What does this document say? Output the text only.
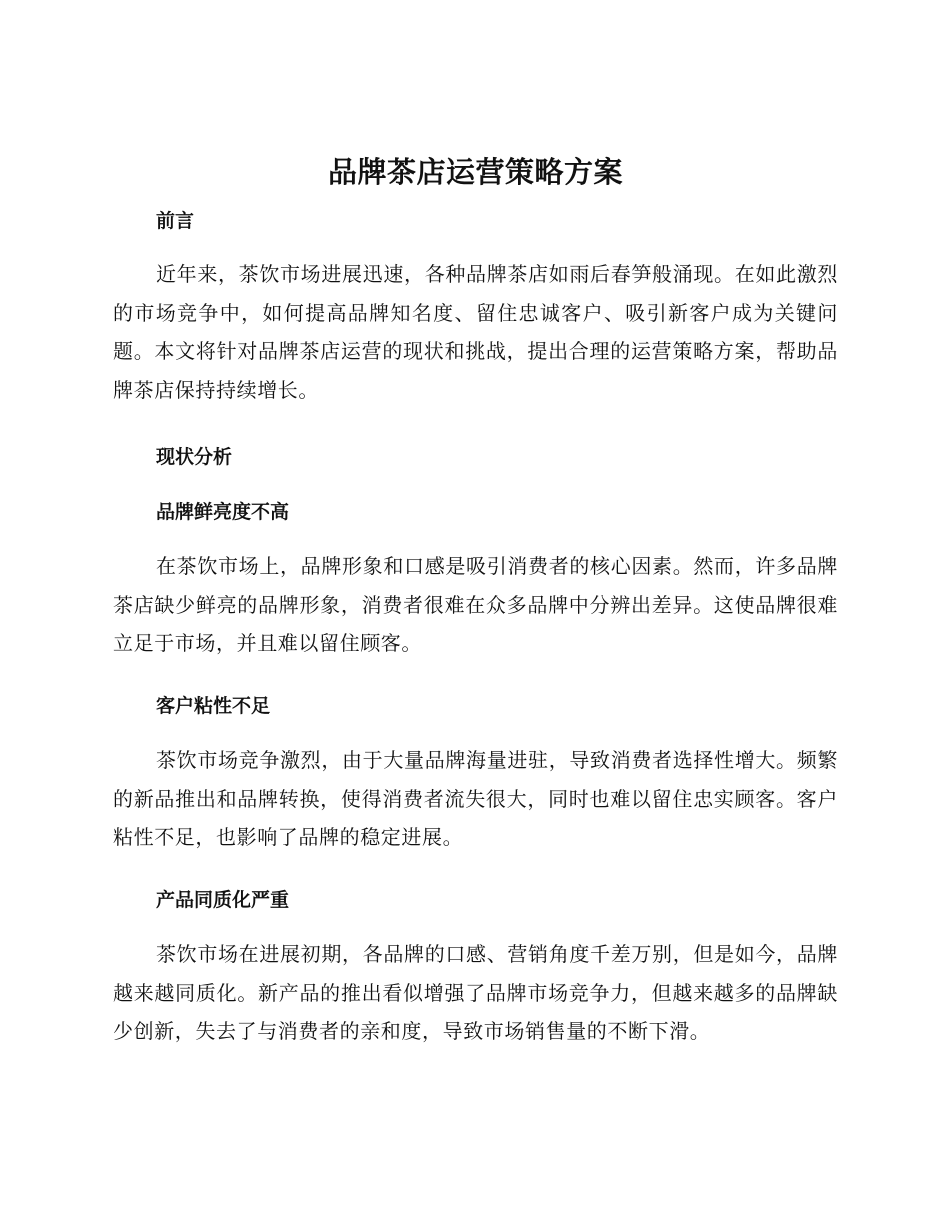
品牌茶店运营策略方案
前言

近年来，茶饮市场进展迅速，各种品牌茶店如雨后春笋般涌现。在如此激烈的市场竞争中，如何提高品牌知名度、留住忠诚客户、吸引新客户成为关键问题。本文将针对品牌茶店运营的现状和挑战，提出合理的运营策略方案，帮助品牌茶店保持持续增长。

现状分析
品牌鲜亮度不高

在茶饮市场上，品牌形象和口感是吸引消费者的核心因素。然而，许多品牌茶店缺少鲜亮的品牌形象，消费者很难在众多品牌中分辨出差异。这使品牌很难立足于市场，并且难以留住顾客。

客户粘性不足

茶饮市场竞争激烈，由于大量品牌海量进驻，导致消费者选择性增大。频繁的新品推出和品牌转换，使得消费者流失很大，同时也难以留住忠实顾客。客户粘性不足，也影响了品牌的稳定进展。

产品同质化严重

茶饮市场在进展初期，各品牌的口感、营销角度千差万别，但是如今，品牌越来越同质化。新产品的推出看似增强了品牌市场竞争力，但越来越多的品牌缺少创新，失去了与消费者的亲和度，导致市场销售量的不断下滑。
